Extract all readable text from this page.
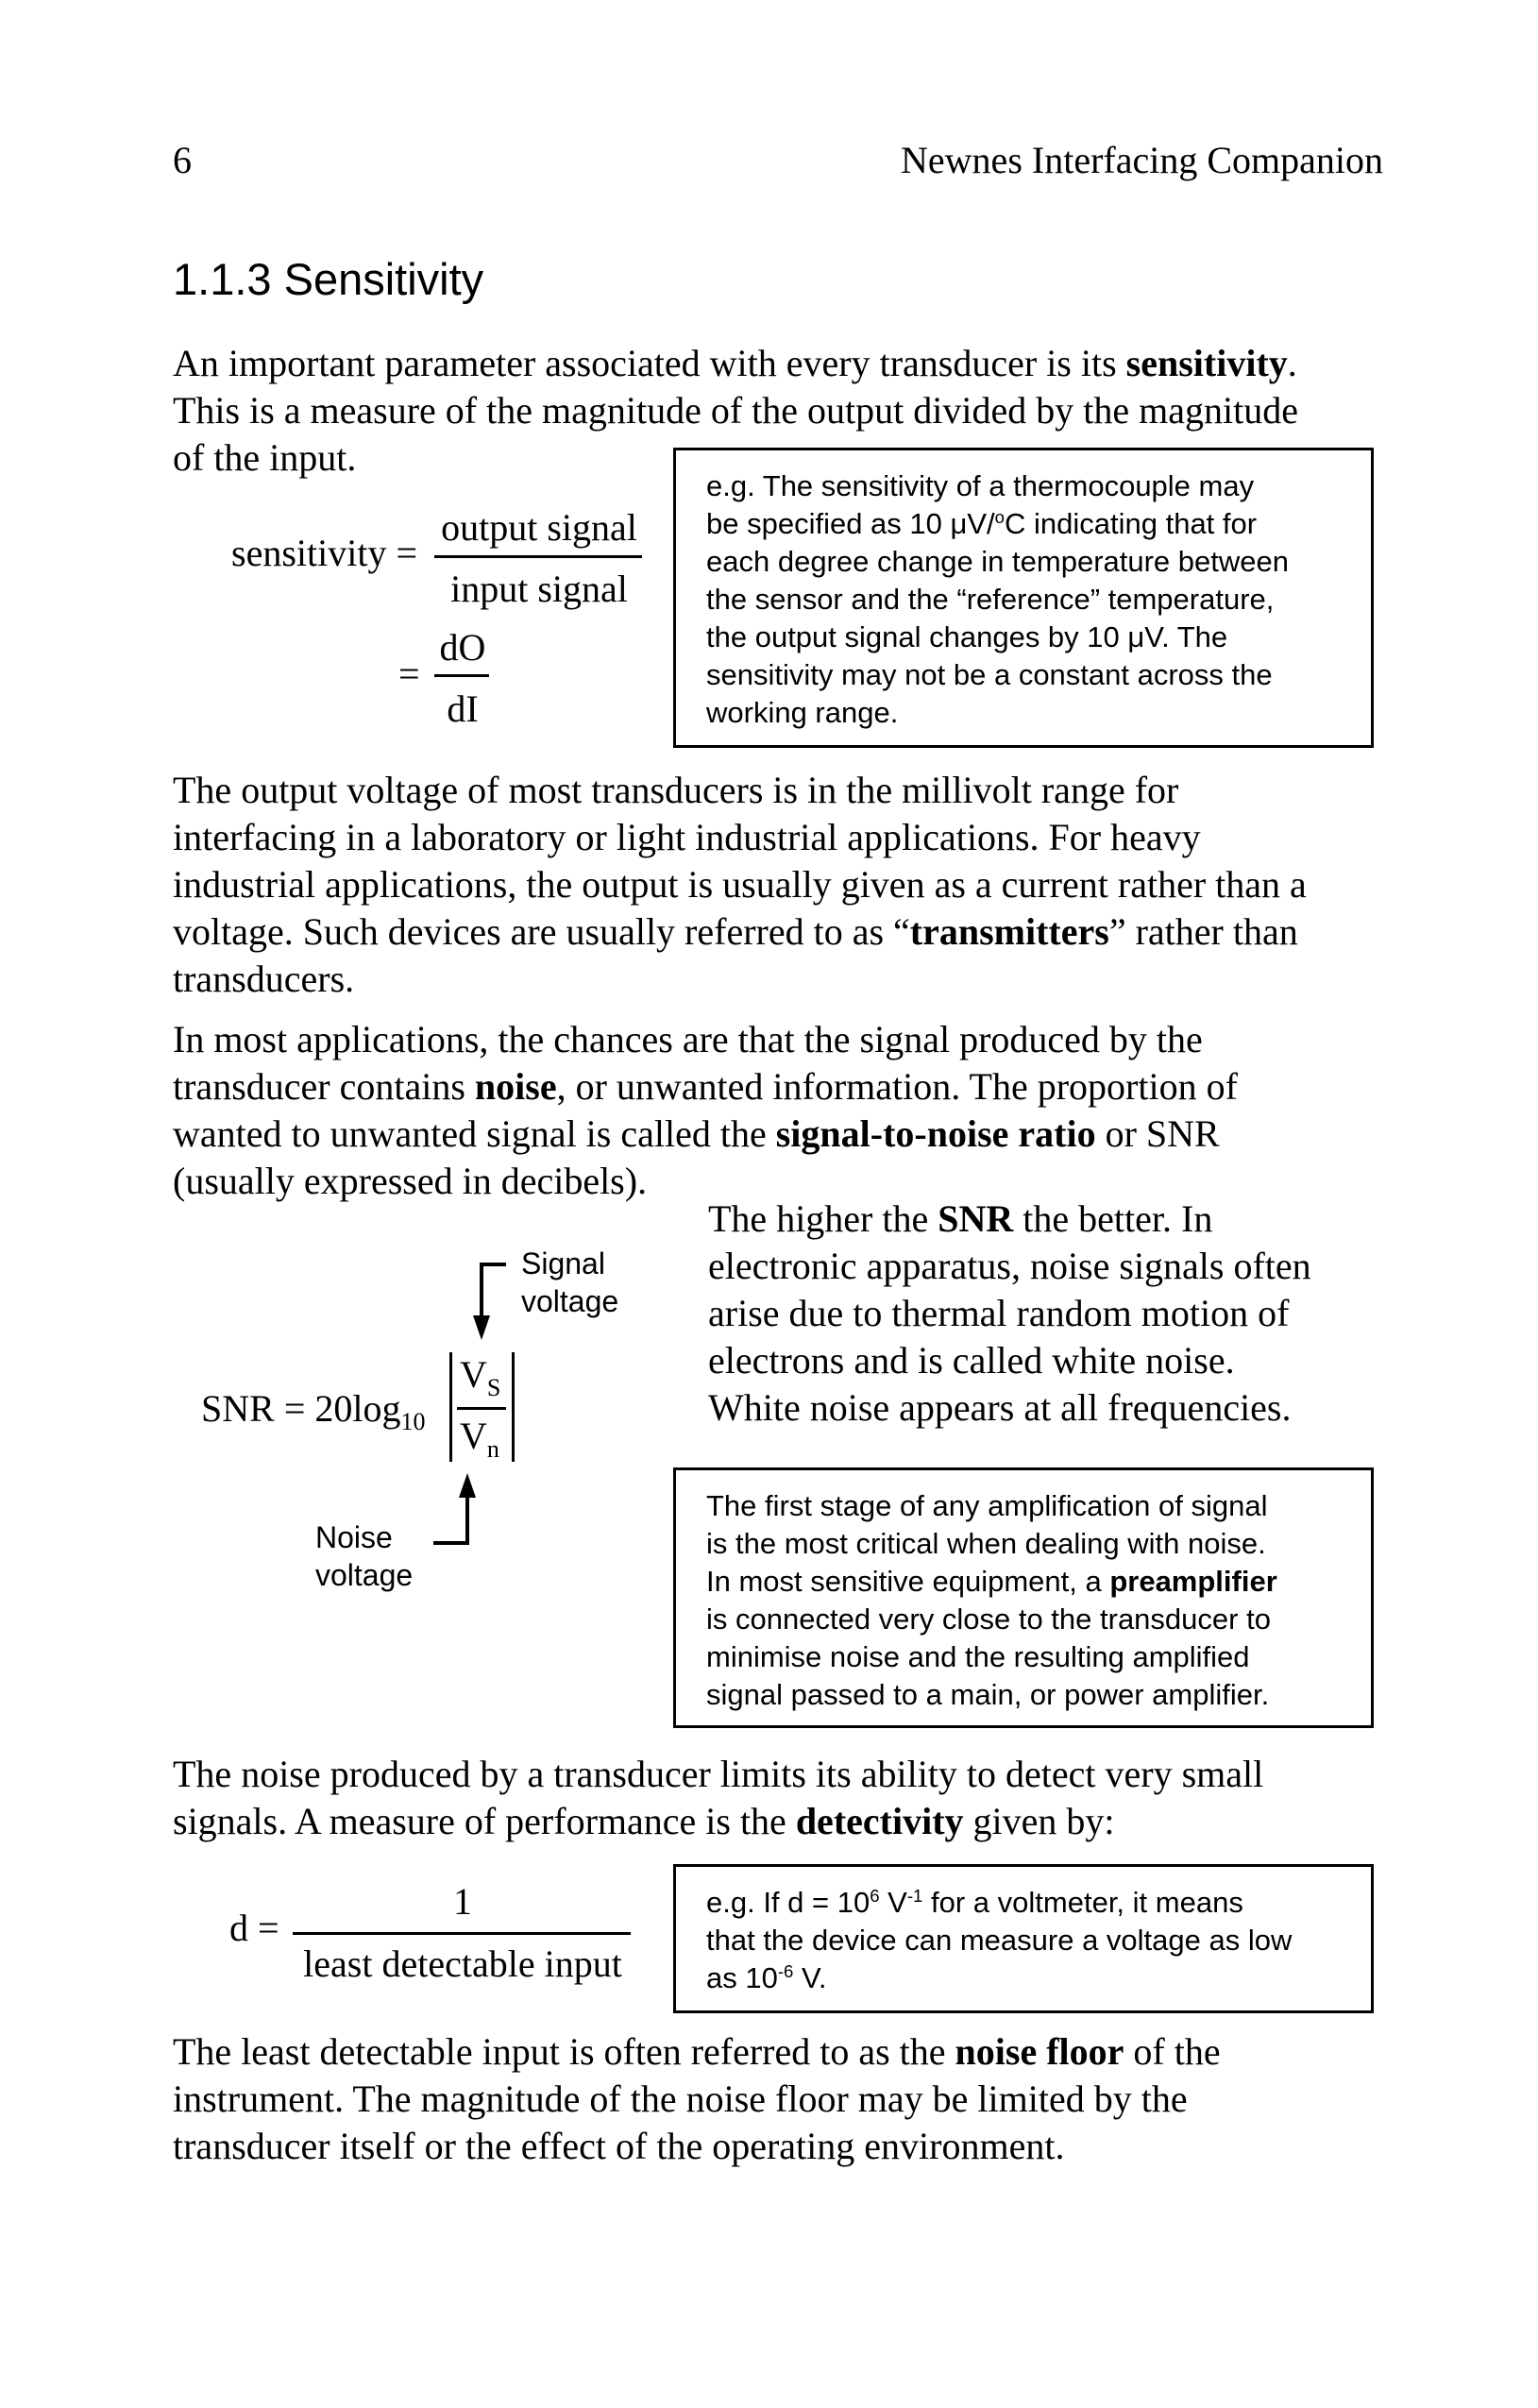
6	Newnes Interfacing Companion
1.1.3 Sensitivity
An important parameter associated with every transducer is its sensitivity.
This is a measure of the magnitude of the output divided by the magnitude
of the input.
sensitivity =
output signal
input signal
=
dO
dI
e.g. The sensitivity of a thermocouple may
be specified as 10 μV/$^o$C indicating that for
each degree change in temperature between
the sensor and the “reference” temperature,
the output signal changes by 10 μV. The
sensitivity may not be a constant across the
working range.
The output voltage of most transducers is in the millivolt range for
interfacing in a laboratory or light industrial applications. For heavy
industrial applications, the output is usually given as a current rather than a
voltage. Such devices are usually referred to as “transmitters” rather than
transducers.
In most applications, the chances are that the signal produced by the
transducer contains noise, or unwanted information. The proportion of
wanted to unwanted signal is called the signal-to-noise ratio or SNR
(usually expressed in decibels).
Signal
voltage
SNR = $20\log_{10}$
$V_S$
$V_n$
Noise
voltage
The higher the SNR the better. In
electronic apparatus, noise signals often
arise due to thermal random motion of
electrons and is called white noise.
White noise appears at all frequencies.
The first stage of any amplification of signal
is the most critical when dealing with noise.
In most sensitive equipment, a preamplifier
is connected very close to the transducer to
minimise noise and the resulting amplified
signal passed to a main, or power amplifier.
The noise produced by a transducer limits its ability to detect very small
signals. A measure of performance is the detectivity given by:
d =
1
least detectable input
e.g. If $d = 10^6$ $V^{-1}$ for a voltmeter, it means
that the device can measure a voltage as low
as $10^{-6}$ V.
The least detectable input is often referred to as the noise floor of the
instrument. The magnitude of the noise floor may be limited by the
transducer itself or the effect of the operating environment.
